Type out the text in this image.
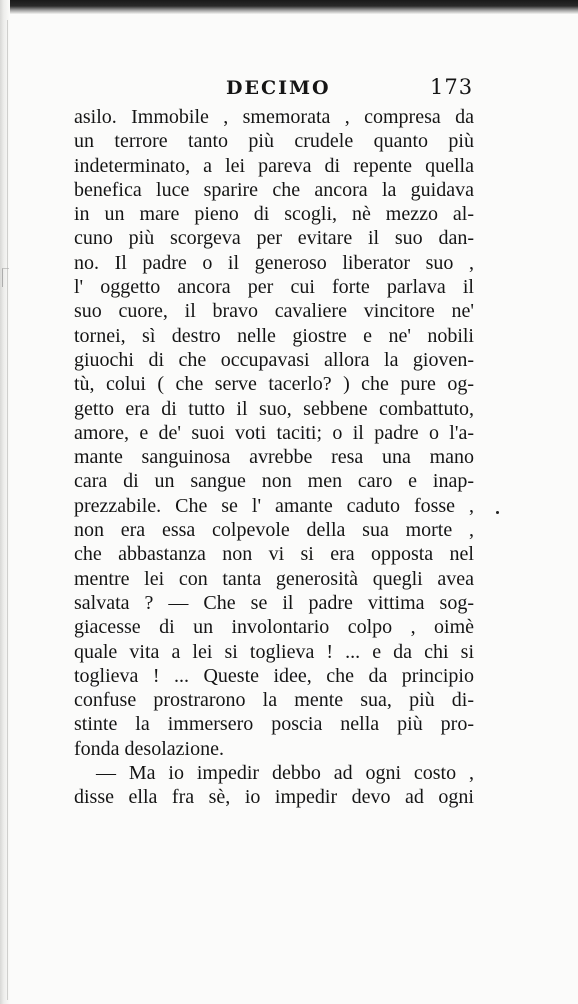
DECIMO	173
asilo. Immobile , smemorata , compresa da
un terrore tanto più crudele quanto più
indeterminato, a lei pareva di repente quella
benefica luce sparire che ancora la guidava
in un mare pieno di scogli, nè mezzo al-
cuno più scorgeva per evitare il suo dan-
no. Il padre o il generoso liberator suo ,
l' oggetto ancora per cui forte parlava il
suo cuore, il bravo cavaliere vincitore ne'
tornei, sì destro nelle giostre e ne' nobili
giuochi di che occupavasi allora la gioven-
tù, colui ( che serve tacerlo? ) che pure og-
getto era di tutto il suo, sebbene combattuto,
amore, e de' suoi voti taciti; o il padre o l'a-
mante sanguinosa avrebbe resa una mano
cara di un sangue non men caro e inap-
prezzabile. Che se l' amante caduto fosse ,
non era essa colpevole della sua morte ,
che abbastanza non vi si era opposta nel
mentre lei con tanta generosità quegli avea
salvata ? — Che se il padre vittima sog-
giacesse di un involontario colpo , oimè
quale vita a lei si toglieva ! ... e da chi si
toglieva ! ... Queste idee, che da principio
confuse prostrarono la mente sua, più di-
stinte la immersero poscia nella più pro-
fonda desolazione.
— Ma io impedir debbo ad ogni costo ,
disse ella fra sè, io impedir devo ad ogni
